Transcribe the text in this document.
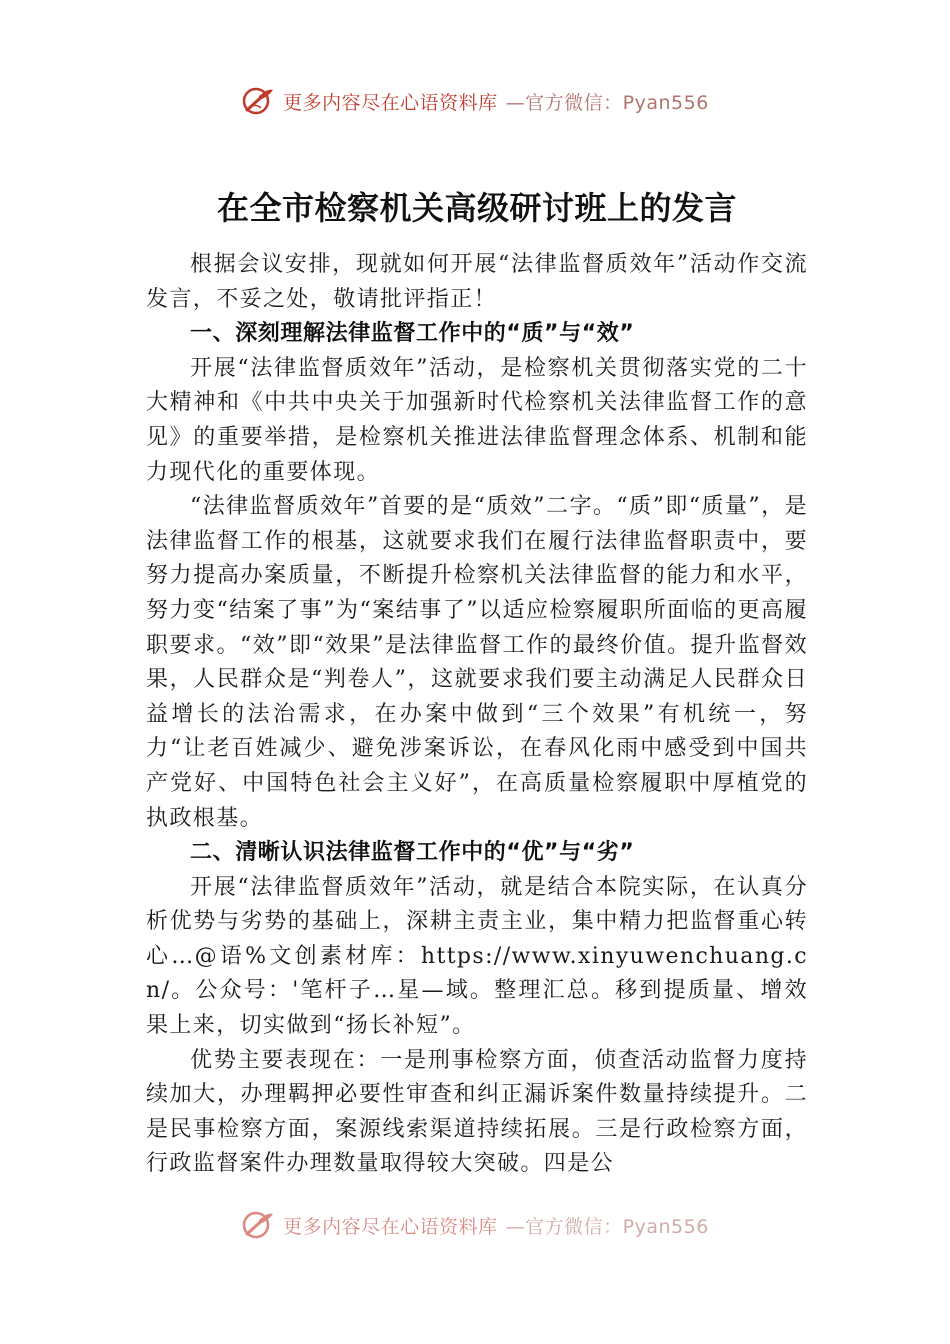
更多内容尽在心语资料库 —官方微信：Pyan556
在全市检察机关高级研讨班上的发言

根据会议安排，现就如何开展“法律监督质效年”活动作交流发言，不妥之处，敬请批评指正！

一、深刻理解法律监督工作中的“质”与“效”

开展“法律监督质效年”活动，是检察机关贯彻落实党的二十大精神和《中共中央关于加强新时代检察机关法律监督工作的意见》的重要举措，是检察机关推进法律监督理念体系、机制和能力现代化的重要体现。

“法律监督质效年”首要的是“质效”二字。“质”即“质量”，是法律监督工作的根基，这就要求我们在履行法律监督职责中，要努力提高办案质量，不断提升检察机关法律监督的能力和水平，努力变“结案了事”为“案结事了”以适应检察履职所面临的更高履职要求。“效”即“效果”是法律监督工作的最终价值。提升监督效果，人民群众是“判卷人”，这就要求我们要主动满足人民群众日益增长的法治需求，在办案中做到“三个效果”有机统一，努力“让老百姓减少、避免涉案诉讼，在春风化雨中感受到中国共产党好、中国特色社会主义好”，在高质量检察履职中厚植党的执政根基。

二、清晰认识法律监督工作中的“优”与“劣”

开展“法律监督质效年”活动，就是结合本院实际，在认真分析优势与劣势的基础上，深耕主责主业，集中精力把监督重心转心…@语%文创素材库：https://www.xinyuwenchuang.cn/。公众号：'笔杆子…星—域。整理汇总。移到提质量、增效果上来，切实做到“扬长补短”。

优势主要表现在：一是刑事检察方面，侦查活动监督力度持续加大，办理羁押必要性审查和纠正漏诉案件数量持续提升。二是民事检察方面，案源线索渠道持续拓展。三是行政检察方面，行政监督案件办理数量取得较大突破。四是公

更多内容尽在心语资料库 —官方微信：Pyan556
